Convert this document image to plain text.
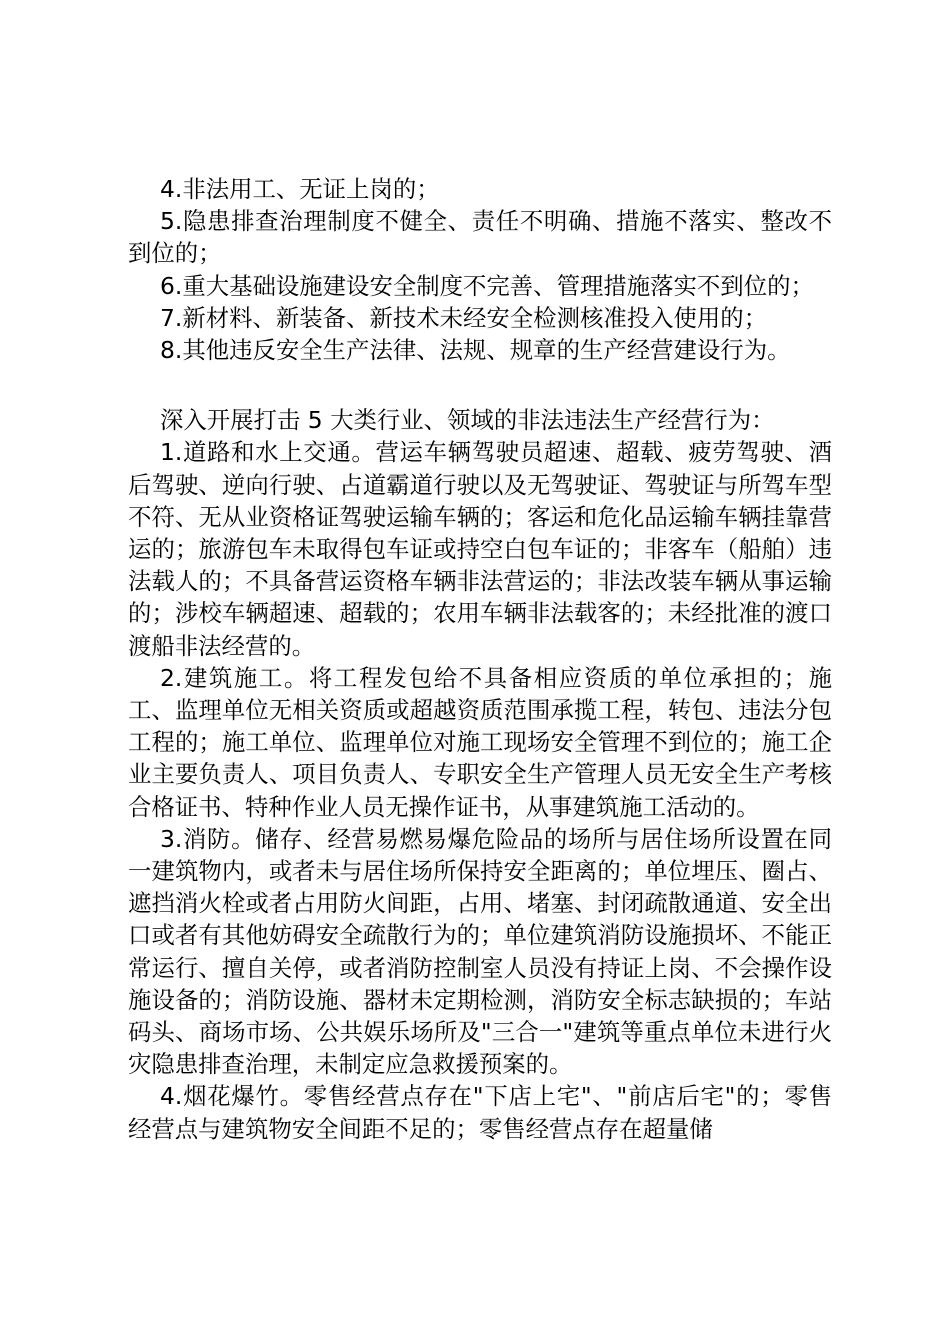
4.非法用工、无证上岗的；

5.隐患排查治理制度不健全、责任不明确、措施不落实、整改不到位的；

6.重大基础设施建设安全制度不完善、管理措施落实不到位的；

7.新材料、新装备、新技术未经安全检测核准投入使用的；

8.其他违反安全生产法律、法规、规章的生产经营建设行为。

深入开展打击 5 大类行业、领域的非法违法生产经营行为：

1.道路和水上交通。营运车辆驾驶员超速、超载、疲劳驾驶、酒后驾驶、逆向行驶、占道霸道行驶以及无驾驶证、驾驶证与所驾车型不符、无从业资格证驾驶运输车辆的；客运和危化品运输车辆挂靠营运的；旅游包车未取得包车证或持空白包车证的；非客车（船舶）违法载人的；不具备营运资格车辆非法营运的；非法改装车辆从事运输的；涉校车辆超速、超载的；农用车辆非法载客的；未经批准的渡口渡船非法经营的。

2.建筑施工。将工程发包给不具备相应资质的单位承担的；施工、监理单位无相关资质或超越资质范围承揽工程，转包、违法分包工程的；施工单位、监理单位对施工现场安全管理不到位的；施工企业主要负责人、项目负责人、专职安全生产管理人员无安全生产考核合格证书、特种作业人员无操作证书，从事建筑施工活动的。

3.消防。储存、经营易燃易爆危险品的场所与居住场所设置在同一建筑物内，或者未与居住场所保持安全距离的；单位埋压、圈占、遮挡消火栓或者占用防火间距，占用、堵塞、封闭疏散通道、安全出口或者有其他妨碍安全疏散行为的；单位建筑消防设施损坏、不能正常运行、擅自关停，或者消防控制室人员没有持证上岗、不会操作设施设备的；消防设施、器材未定期检测，消防安全标志缺损的；车站码头、商场市场、公共娱乐场所及"三合一"建筑等重点单位未进行火灾隐患排查治理，未制定应急救援预案的。

4.烟花爆竹。零售经营点存在"下店上宅"、"前店后宅"的；零售经营点与建筑物安全间距不足的；零售经营点存在超量储
